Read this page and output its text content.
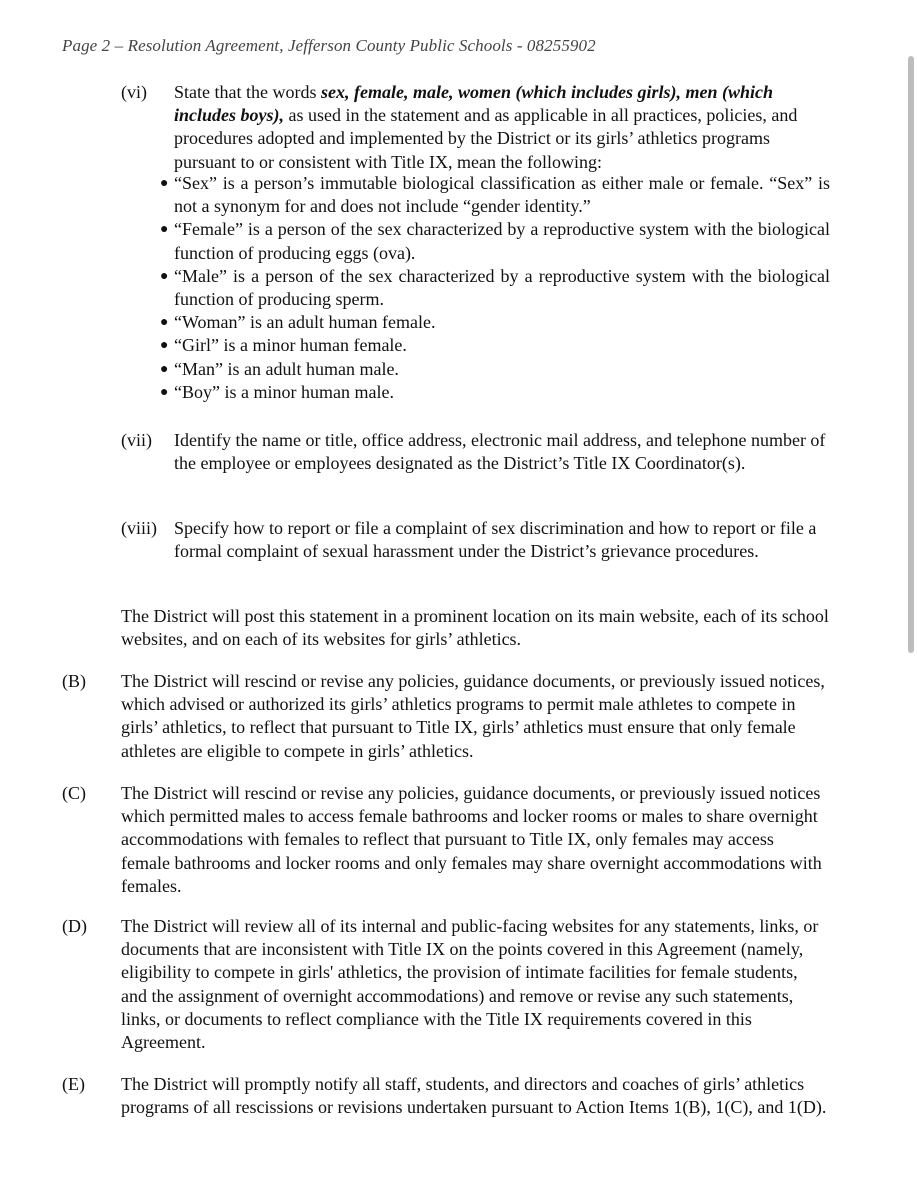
Page 2 – Resolution Agreement, Jefferson County Public Schools - 08255902
(vi) State that the words sex, female, male, women (which includes girls), men (which includes boys), as used in the statement and as applicable in all practices, policies, and procedures adopted and implemented by the District or its girls’ athletics programs pursuant to or consistent with Title IX, mean the following:
● “Sex” is a person’s immutable biological classification as either male or female. “Sex” is not a synonym for and does not include “gender identity.”
● “Female” is a person of the sex characterized by a reproductive system with the biological function of producing eggs (ova).
● “Male” is a person of the sex characterized by a reproductive system with the biological function of producing sperm.
● “Woman” is an adult human female.
● “Girl” is a minor human female.
● “Man” is an adult human male.
● “Boy” is a minor human male.
(vii) Identify the name or title, office address, electronic mail address, and telephone number of the employee or employees designated as the District’s Title IX Coordinator(s).
(viii) Specify how to report or file a complaint of sex discrimination and how to report or file a formal complaint of sexual harassment under the District’s grievance procedures.
The District will post this statement in a prominent location on its main website, each of its school websites, and on each of its websites for girls’ athletics.
(B) The District will rescind or revise any policies, guidance documents, or previously issued notices, which advised or authorized its girls’ athletics programs to permit male athletes to compete in girls’ athletics, to reflect that pursuant to Title IX, girls’ athletics must ensure that only female athletes are eligible to compete in girls’ athletics.
(C) The District will rescind or revise any policies, guidance documents, or previously issued notices which permitted males to access female bathrooms and locker rooms or males to share overnight accommodations with females to reflect that pursuant to Title IX, only females may access female bathrooms and locker rooms and only females may share overnight accommodations with females.
(D) The District will review all of its internal and public-facing websites for any statements, links, or documents that are inconsistent with Title IX on the points covered in this Agreement (namely, eligibility to compete in girls' athletics, the provision of intimate facilities for female students, and the assignment of overnight accommodations) and remove or revise any such statements, links, or documents to reflect compliance with the Title IX requirements covered in this Agreement.
(E) The District will promptly notify all staff, students, and directors and coaches of girls’ athletics programs of all rescissions or revisions undertaken pursuant to Action Items 1(B), 1(C), and 1(D).
